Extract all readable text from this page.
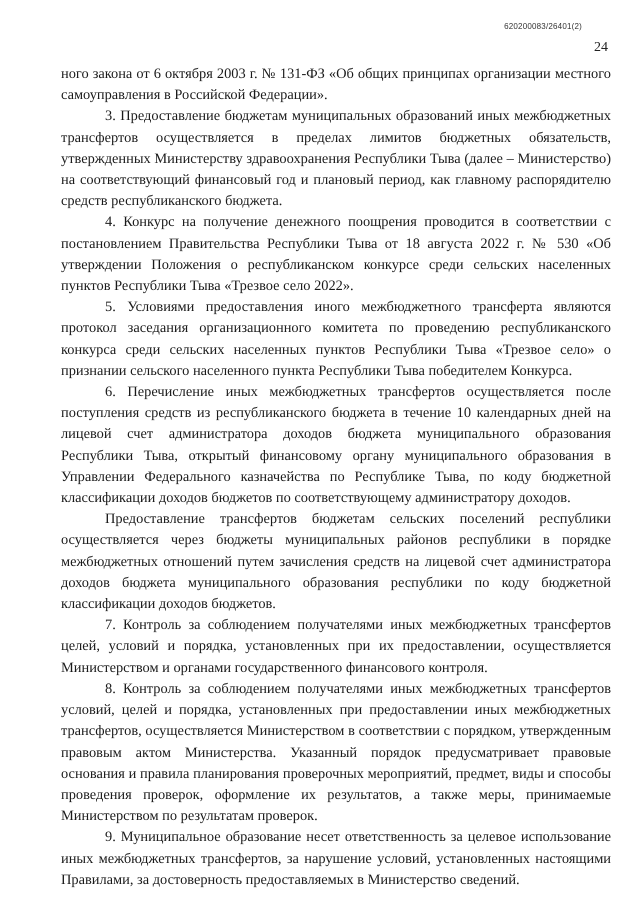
620200083/26401(2)
24

ного закона от 6 октября 2003 г. № 131-ФЗ «Об общих принципах организации местного самоуправления в Российской Федерации».

3. Предоставление бюджетам муниципальных образований иных межбюджетных трансфертов осуществляется в пределах лимитов бюджетных обязательств, утвержденных Министерству здравоохранения Республики Тыва (далее – Министерство) на соответствующий финансовый год и плановый период, как главному распорядителю средств республиканского бюджета.

4. Конкурс на получение денежного поощрения проводится в соответствии с постановлением Правительства Республики Тыва от 18 августа 2022 г. № 530 «Об утверждении Положения о республиканском конкурсе среди сельских населенных пунктов Республики Тыва «Трезвое село 2022».

5. Условиями предоставления иного межбюджетного трансферта являются протокол заседания организационного комитета по проведению республиканского конкурса среди сельских населенных пунктов Республики Тыва «Трезвое село» о признании сельского населенного пункта Республики Тыва победителем Конкурса.

6. Перечисление иных межбюджетных трансфертов осуществляется после поступления средств из республиканского бюджета в течение 10 календарных дней на лицевой счет администратора доходов бюджета муниципального образования Республики Тыва, открытый финансовому органу муниципального образования в Управлении Федерального казначейства по Республике Тыва, по коду бюджетной классификации доходов бюджетов по соответствующему администратору доходов.

Предоставление трансфертов бюджетам сельских поселений республики осуществляется через бюджеты муниципальных районов республики в порядке межбюджетных отношений путем зачисления средств на лицевой счет администратора доходов бюджета муниципального образования республики по коду бюджетной классификации доходов бюджетов.

7. Контроль за соблюдением получателями иных межбюджетных трансфертов целей, условий и порядка, установленных при их предоставлении, осуществляется Министерством и органами государственного финансового контроля.

8. Контроль за соблюдением получателями иных межбюджетных трансфертов условий, целей и порядка, установленных при предоставлении иных межбюджетных трансфертов, осуществляется Министерством в соответствии с порядком, утвержденным правовым актом Министерства. Указанный порядок предусматривает правовые основания и правила планирования проверочных мероприятий, предмет, виды и способы проведения проверок, оформление их результатов, а также меры, принимаемые Министерством по результатам проверок.

9. Муниципальное образование несет ответственность за целевое использование иных межбюджетных трансфертов, за нарушение условий, установленных настоящими Правилами, за достоверность предоставляемых в Министерство сведений.
